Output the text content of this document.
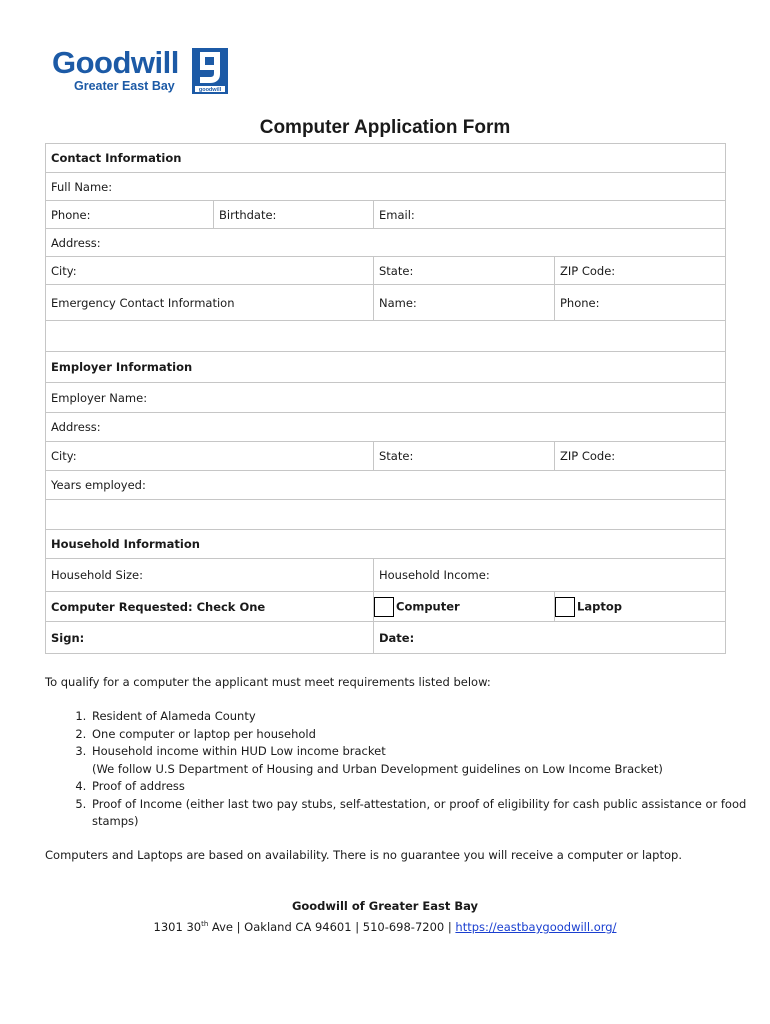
Goodwill
Greater East Bay	goodwill
Computer Application Form
Contact Information			
Full Name:			
Phone:	Birthdate:	Email:	
Address:			
City:		State:	ZIP Code:
Emergency Contact Information		Name:	Phone:

Employer Information			
Employer Name:			
Address:			
City:		State:	ZIP Code:
Years employed:			

Household Information			
Household Size:		Household Income:	
Computer Requested: Check One		Computer	Laptop
Sign:		Date:	
To qualify for a computer the applicant must meet requirements listed below:
1. Resident of Alameda County
2. One computer or laptop per household
3. Household income within HUD Low income bracket
(We follow U.S Department of Housing and Urban Development guidelines on Low Income Bracket)
4. Proof of address
5. Proof of Income (either last two pay stubs, self-attestation, or proof of eligibility for cash public assistance or food stamps)
Computers and Laptops are based on availability. There is no guarantee you will receive a computer or laptop.
Goodwill of Greater East Bay
1301 30th Ave | Oakland CA 94601 | 510-698-7200 | https://eastbaygoodwill.org/
